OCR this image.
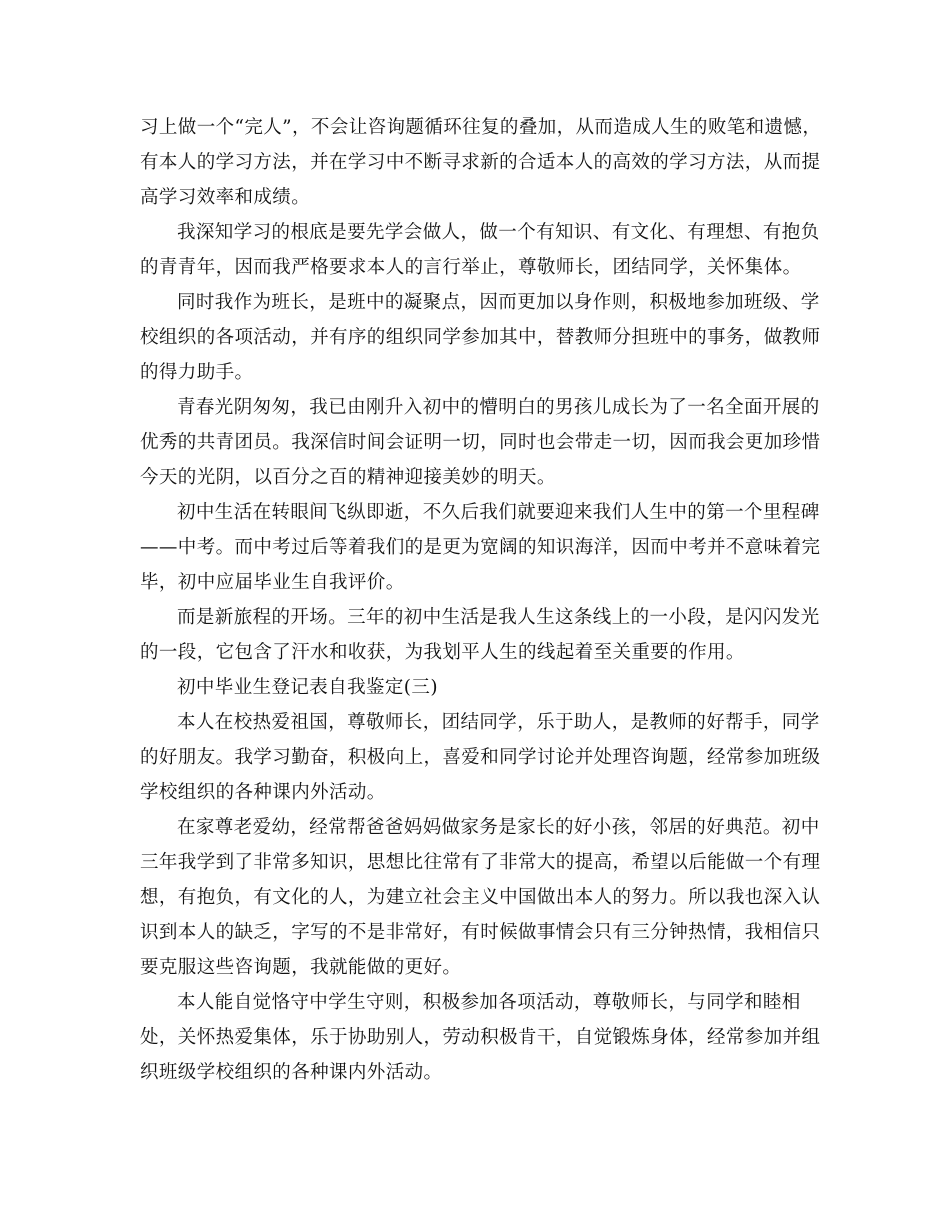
习上做一个“完人”，不会让咨询题循环往复的叠加，从而造成人生的败笔和遗憾，有本人的学习方法，并在学习中不断寻求新的合适本人的高效的学习方法，从而提高学习效率和成绩。

我深知学习的根底是要先学会做人，做一个有知识、有文化、有理想、有抱负的青青年，因而我严格要求本人的言行举止，尊敬师长，团结同学，关怀集体。

同时我作为班长，是班中的凝聚点，因而更加以身作则，积极地参加班级、学校组织的各项活动，并有序的组织同学参加其中，替教师分担班中的事务，做教师的得力助手。

青春光阴匆匆，我已由刚升入初中的懵明白的男孩儿成长为了一名全面开展的优秀的共青团员。我深信时间会证明一切，同时也会带走一切，因而我会更加珍惜今天的光阴，以百分之百的精神迎接美妙的明天。

初中生活在转眼间飞纵即逝，不久后我们就要迎来我们人生中的第一个里程碑——中考。而中考过后等着我们的是更为宽阔的知识海洋，因而中考并不意味着完毕，初中应届毕业生自我评价。

而是新旅程的开场。三年的初中生活是我人生这条线上的一小段，是闪闪发光的一段，它包含了汗水和收获，为我划平人生的线起着至关重要的作用。

初中毕业生登记表自我鉴定(三)

本人在校热爱祖国，尊敬师长，团结同学，乐于助人，是教师的好帮手，同学的好朋友。我学习勤奋，积极向上，喜爱和同学讨论并处理咨询题，经常参加班级学校组织的各种课内外活动。

在家尊老爱幼，经常帮爸爸妈妈做家务是家长的好小孩，邻居的好典范。初中三年我学到了非常多知识，思想比往常有了非常大的提高，希望以后能做一个有理想，有抱负，有文化的人，为建立社会主义中国做出本人的努力。所以我也深入认识到本人的缺乏，字写的不是非常好，有时候做事情会只有三分钟热情，我相信只要克服这些咨询题，我就能做的更好。

本人能自觉恪守中学生守则，积极参加各项活动，尊敬师长，与同学和睦相处，关怀热爱集体，乐于协助别人，劳动积极肯干，自觉锻炼身体，经常参加并组织班级学校组织的各种课内外活动。
